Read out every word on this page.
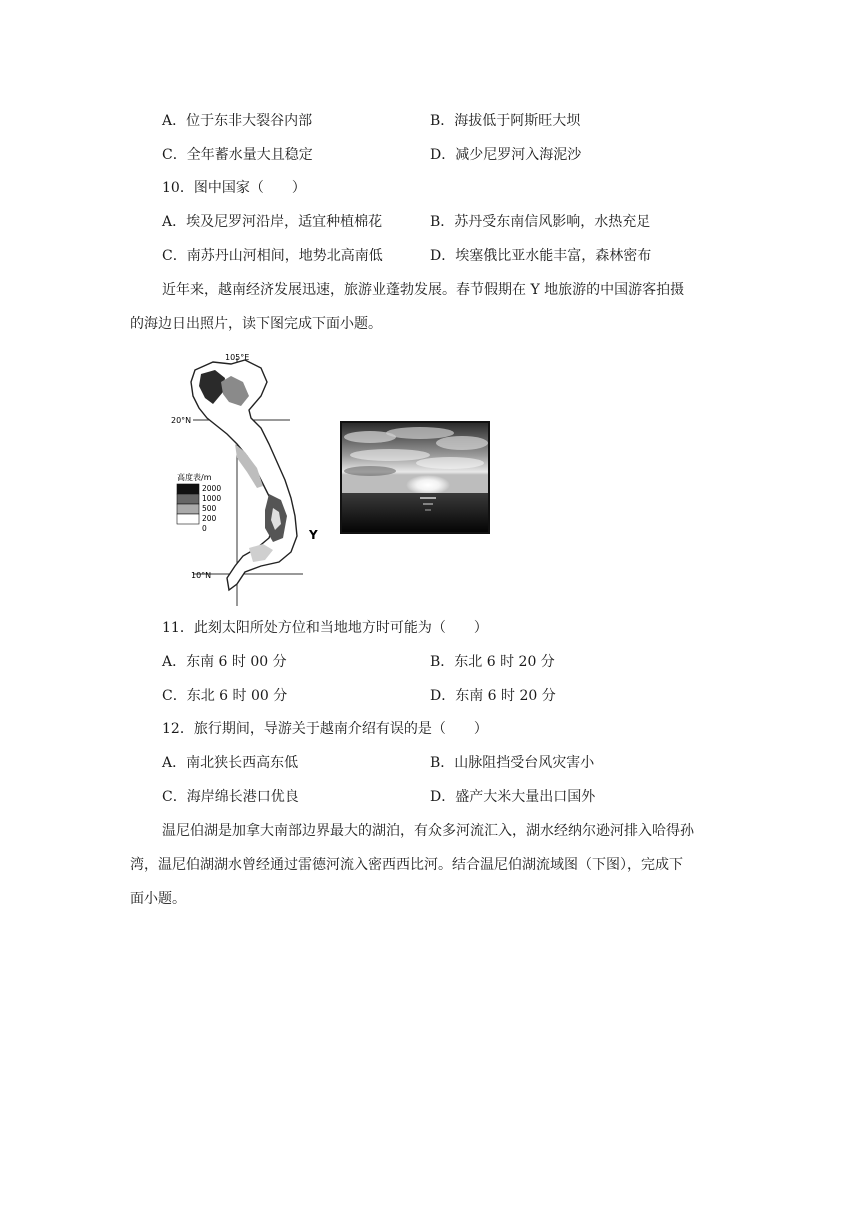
A．位于东非大裂谷内部	B．海拔低于阿斯旺大坝
C．全年蓄水量大且稳定	D．减少尼罗河入海泥沙
10．图中国家（　　）
A．埃及尼罗河沿岸，适宜种植棉花	B．苏丹受东南信风影响，水热充足
C．南苏丹山河相间，地势北高南低	D．埃塞俄比亚水能丰富，森林密布
近年来，越南经济发展迅速，旅游业蓬勃发展。春节假期在 Y 地旅游的中国游客拍摄
的海边日出照片，读下图完成下面小题。
105°E
20°N
10°N
Y
高度表/m
2000
1000
500
200
0
11．此刻太阳所处方位和当地地方时可能为（　　）
A．东南 6 时 00 分	B．东北 6 时 20 分
C．东北 6 时 00 分	D．东南 6 时 20 分
12．旅行期间，导游关于越南介绍有误的是（　　）
A．南北狭长西高东低	B．山脉阻挡受台风灾害小
C．海岸绵长港口优良	D．盛产大米大量出口国外
温尼伯湖是加拿大南部边界最大的湖泊，有众多河流汇入，湖水经纳尔逊河排入哈得孙
湾，温尼伯湖湖水曾经通过雷德河流入密西西比河。结合温尼伯湖流域图（下图），完成下
面小题。
